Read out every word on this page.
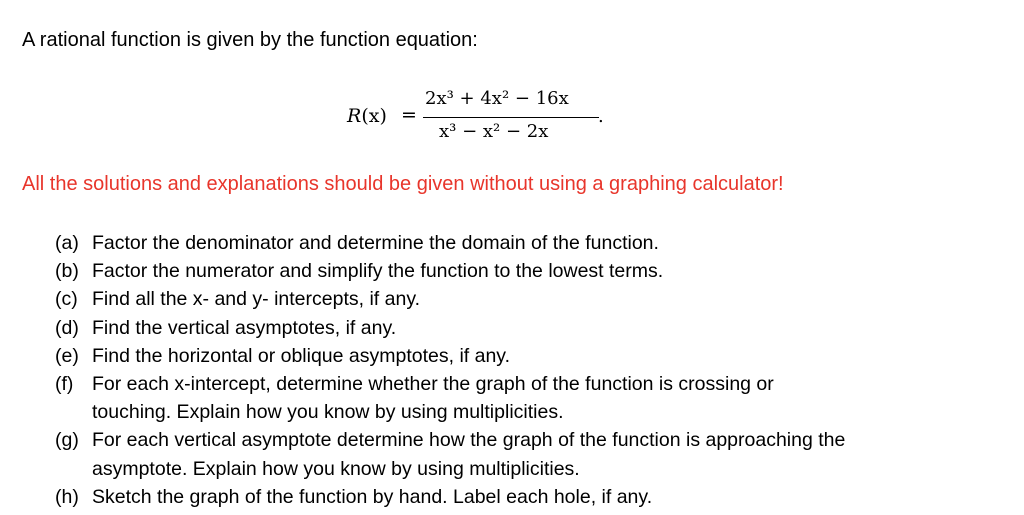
A rational function is given by the function equation:
R(x) =
2x³ + 4x² − 16x
x³ − x² − 2x
.
All the solutions and explanations should be given without using a graphing calculator!
(a) Factor the denominator and determine the domain of the function.
(b) Factor the numerator and simplify the function to the lowest terms.
(c) Find all the x- and y- intercepts, if any.
(d) Find the vertical asymptotes, if any.
(e) Find the horizontal or oblique asymptotes, if any.
(f) For each x-intercept, determine whether the graph of the function is crossing or
touching. Explain how you know by using multiplicities.
(g) For each vertical asymptote determine how the graph of the function is approaching the
asymptote. Explain how you know by using multiplicities.
(h) Sketch the graph of the function by hand. Label each hole, if any.
